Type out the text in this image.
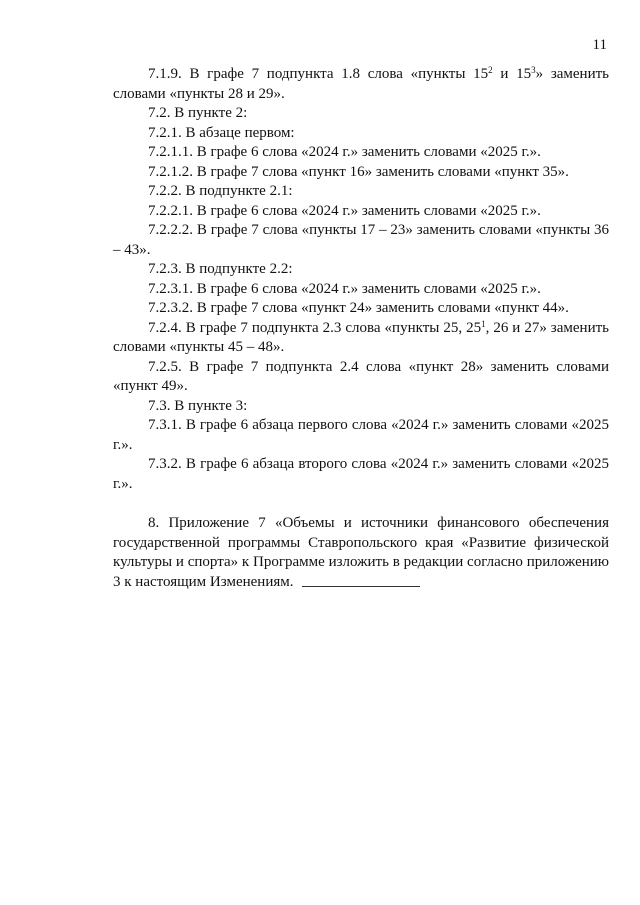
11

7.1.9. В графе 7 подпункта 1.8 слова «пункты $15^2$ и $15^3$» заменить словами «пункты 28 и 29».

7.2. В пункте 2:

7.2.1. В абзаце первом:

7.2.1.1. В графе 6 слова «2024 г.» заменить словами «2025 г.».

7.2.1.2. В графе 7 слова «пункт 16» заменить словами «пункт 35».

7.2.2. В подпункте 2.1:

7.2.2.1. В графе 6 слова «2024 г.» заменить словами «2025 г.».

7.2.2.2. В графе 7 слова «пункты 17 – 23» заменить словами «пункты 36 – 43».

7.2.3. В подпункте 2.2:

7.2.3.1. В графе 6 слова «2024 г.» заменить словами «2025 г.».

7.2.3.2. В графе 7 слова «пункт 24» заменить словами «пункт 44».

7.2.4. В графе 7 подпункта 2.3 слова «пункты 25, $25^1$, 26 и 27» заменить словами «пункты 45 – 48».

7.2.5. В графе 7 подпункта 2.4 слова «пункт 28» заменить словами «пункт 49».

7.3. В пункте 3:

7.3.1. В графе 6 абзаца первого слова «2024 г.» заменить словами «2025 г.».

7.3.2. В графе 6 абзаца второго слова «2024 г.» заменить словами «2025 г.».

8. Приложение 7 «Объемы и источники финансового обеспечения государственной программы Ставропольского края «Развитие физической культуры и спорта» к Программе изложить в редакции согласно приложению 3 к настоящим Изменениям.
